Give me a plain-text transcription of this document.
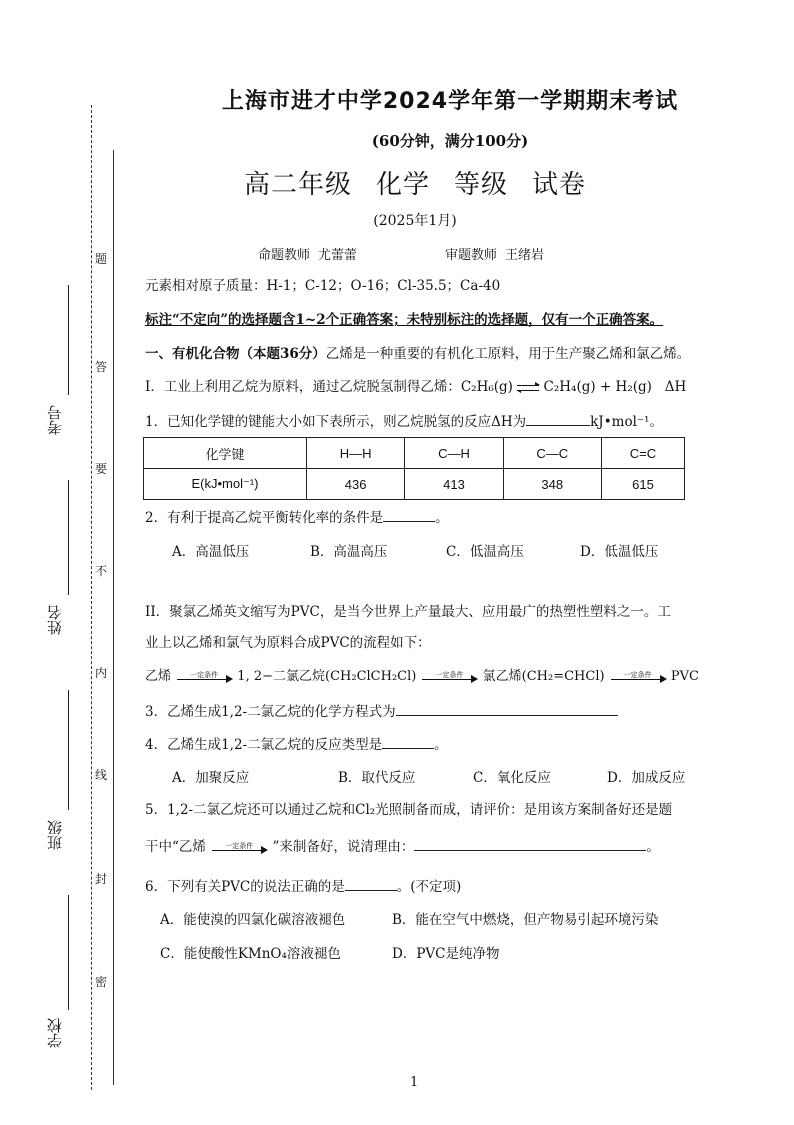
题
答
要
不
内
线
封
密
考号
姓名
班级
学校
上海市进才中学2024学年第一学期期末考试
(60分钟，满分100分)
高二年级 化学 等级 试卷
(2025年1月)
命题教师 尤蕾蕾	审题教师 王绪岩
元素相对原子质量：H-1；C-12；O-16；Cl-35.5；Ca-40
标注“不定向”的选择题含1~2个正确答案；未特别标注的选择题，仅有一个正确答案。
一、有机化合物（本题36分）乙烯是一种重要的有机化工原料，用于生产聚乙烯和氯乙烯。
I．工业上利用乙烷为原料，通过乙烷脱氢制得乙烯：C₂H₆(g) C₂H₄(g) + H₂(g) ΔH
1．已知化学键的键能大小如下表所示，则乙烷脱氢的反应ΔH为	kJ•mol⁻¹。
化学键	H—H	C—H	C—C	C=C
E(kJ•mol⁻¹)	436	413	348	615
2．有利于提高乙烷平衡转化率的条件是	。
A．高温低压	B．高温高压	C．低温高压	D．低温低压
II．聚氯乙烯英文缩写为PVC，是当今世界上产量最大、应用最广的热塑性塑料之一。工
业上以乙烯和氯气为原料合成PVC的流程如下：
乙烯	一定条件	1, 2−二氯乙烷(CH₂ClCH₂Cl)	一定条件	氯乙烯(CH₂=CHCl)	一定条件	PVC
3．乙烯生成1,2-二氯乙烷的化学方程式为
4．乙烯生成1,2-二氯乙烷的反应类型是	。
A．加聚反应	B．取代反应	C．氧化反应	D．加成反应
5．1,2-二氯乙烷还可以通过乙烷和Cl₂光照制备而成，请评价：是用该方案制备好还是题
干中“乙烯	一定条件	”来制备好，说清理由：	。
6．下列有关PVC的说法正确的是	。(不定项)
A．能使溴的四氯化碳溶液褪色	B．能在空气中燃烧，但产物易引起环境污染
C．能使酸性KMnO₄溶液褪色	D．PVC是纯净物
1
